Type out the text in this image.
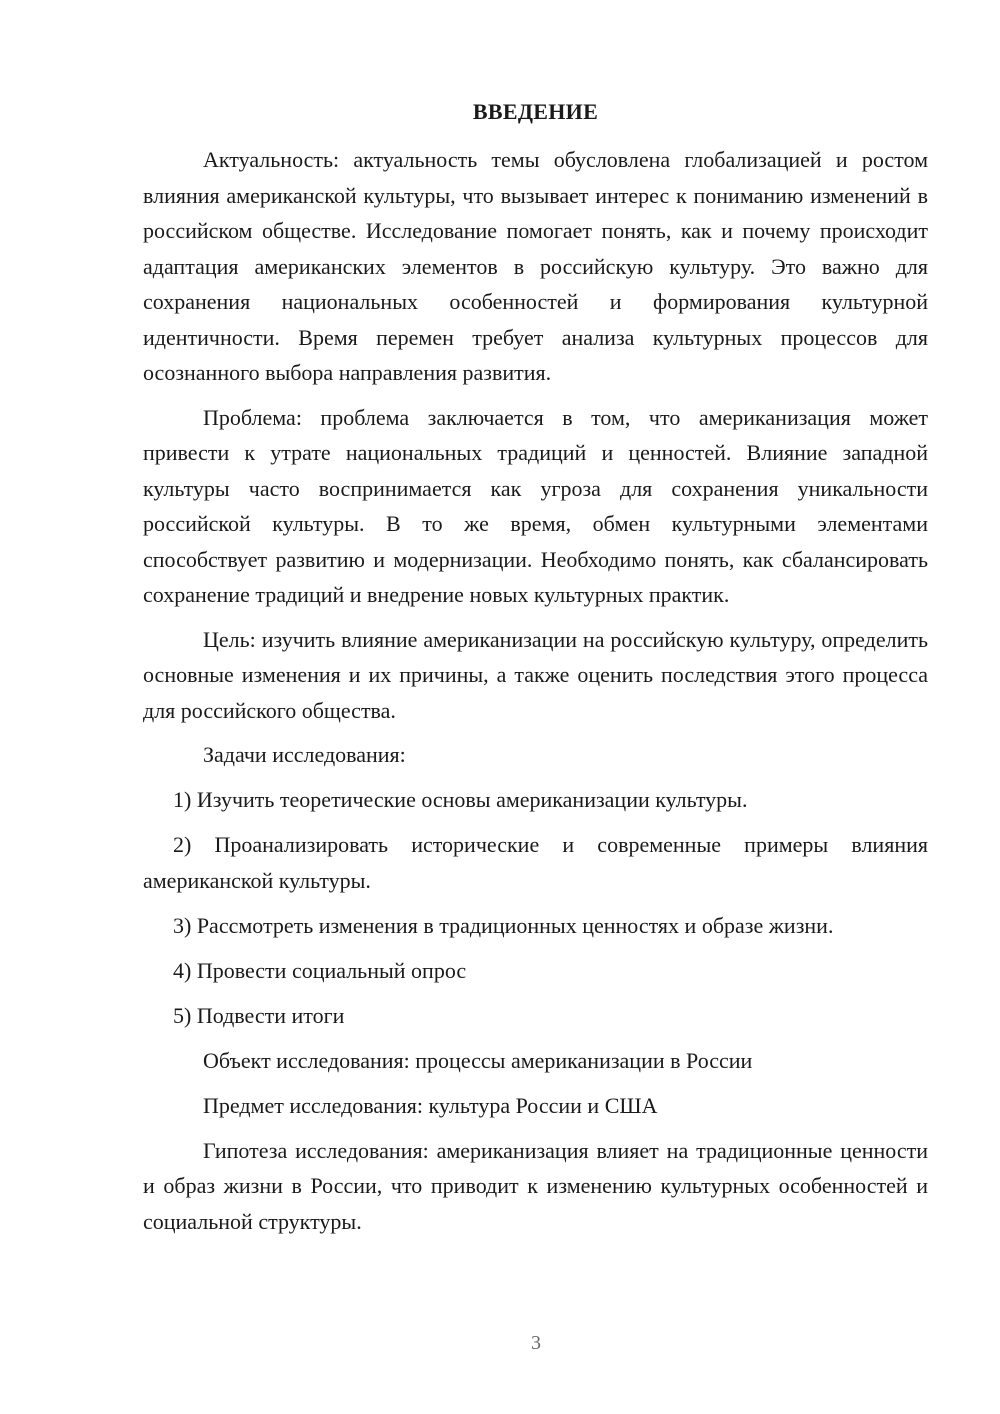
ВВЕДЕНИЕ

Актуальность: актуальность темы обусловлена глобализацией и ростом влияния американской культуры, что вызывает интерес к пониманию изменений в российском обществе. Исследование помогает понять, как и почему происходит адаптация американских элементов в российскую культуру. Это важно для сохранения национальных особенностей и формирования культурной идентичности. Время перемен требует анализа культурных процессов для осознанного выбора направления развития.

Проблема: проблема заключается в том, что американизация может привести к утрате национальных традиций и ценностей. Влияние западной культуры часто воспринимается как угроза для сохранения уникальности российской культуры. В то же время, обмен культурными элементами способствует развитию и модернизации. Необходимо понять, как сбалансировать сохранение традиций и внедрение новых культурных практик.

Цель: изучить влияние американизации на российскую культуру, определить основные изменения и их причины, а также оценить последствия этого процесса для российского общества.

Задачи исследования:

1) Изучить теоретические основы американизации культуры.

2) Проанализировать исторические и современные примеры влияния американской культуры.

3) Рассмотреть изменения в традиционных ценностях и образе жизни.

4) Провести социальный опрос

5) Подвести итоги

Объект исследования: процессы американизации в России

Предмет исследования: культура России и США

Гипотеза исследования: американизация влияет на традиционные ценности и образ жизни в России, что приводит к изменению культурных особенностей и социальной структуры.

3
